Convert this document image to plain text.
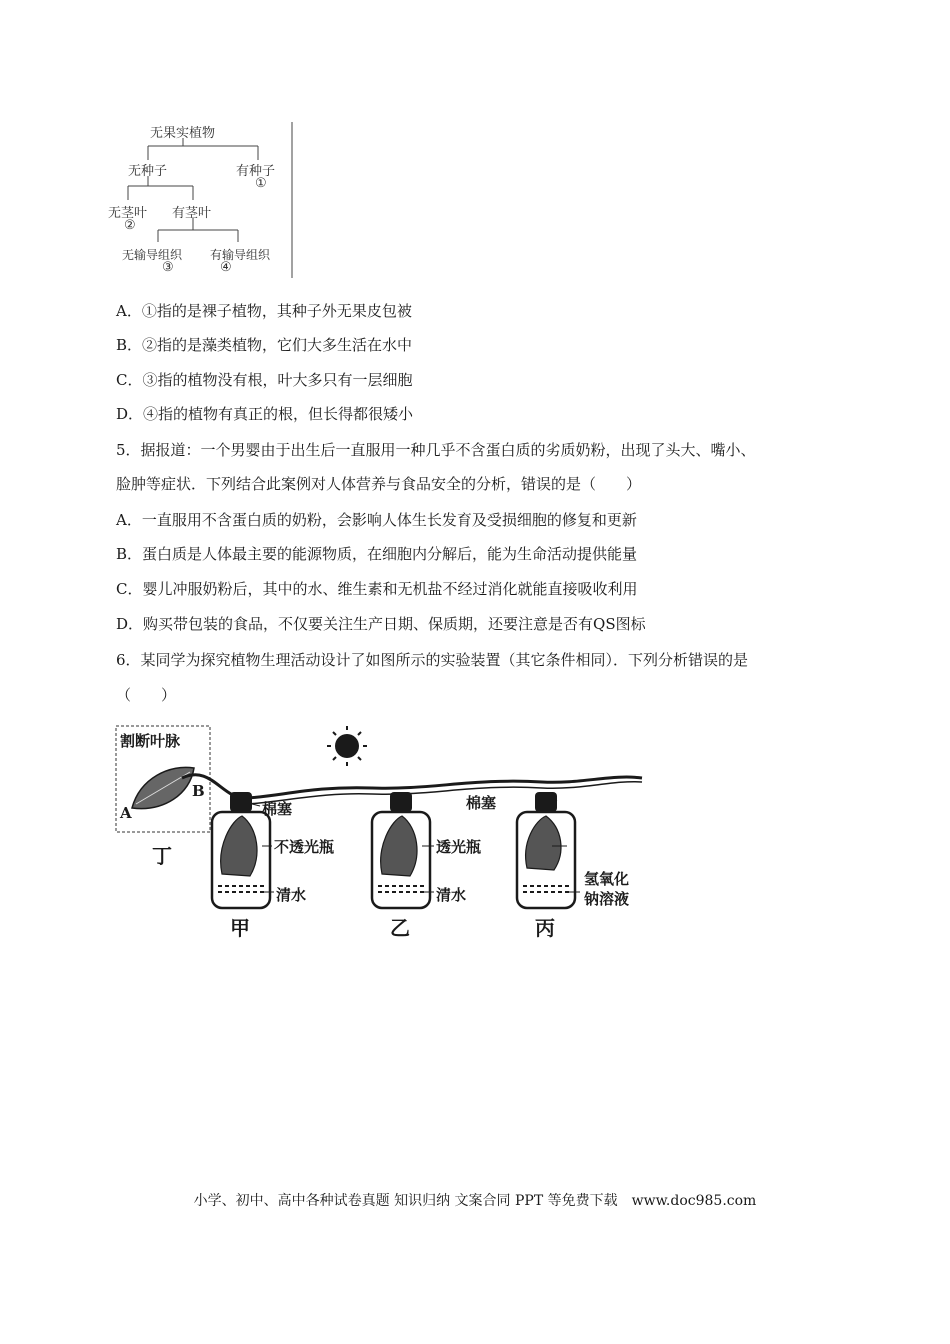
无果实植物
无种子	有种子
①
无茎叶 有茎叶
②
无输导组织 有输导组织
③	④
A．①指的是裸子植物，其种子外无果皮包被
B．②指的是藻类植物，它们大多生活在水中
C．③指的植物没有根，叶大多只有一层细胞
D．④指的植物有真正的根，但长得都很矮小
5．据报道：一个男婴由于出生后一直服用一种几乎不含蛋白质的劣质奶粉，出现了头大、嘴小、
脸肿等症状．下列结合此案例对人体营养与食品安全的分析，错误的是（　　）
A．一直服用不含蛋白质的奶粉，会影响人体生长发育及受损细胞的修复和更新
B．蛋白质是人体最主要的能源物质，在细胞内分解后，能为生命活动提供能量
C．婴儿冲服奶粉后，其中的水、维生素和无机盐不经过消化就能直接吸收利用
D．购买带包装的食品，不仅要关注生产日期、保质期，还要注意是否有QS图标
6．某同学为探究植物生理活动设计了如图所示的实验装置（其它条件相同）．下列分析错误的是
（　　）
割断叶脉
A
B
丁
棉塞
不透光瓶
清水
透光瓶
清水
棉塞
氢氧化
钠溶液
甲	乙	丙
小学、初中、高中各种试卷真题 知识归纳 文案合同 PPT 等免费下载　www.doc985.com
